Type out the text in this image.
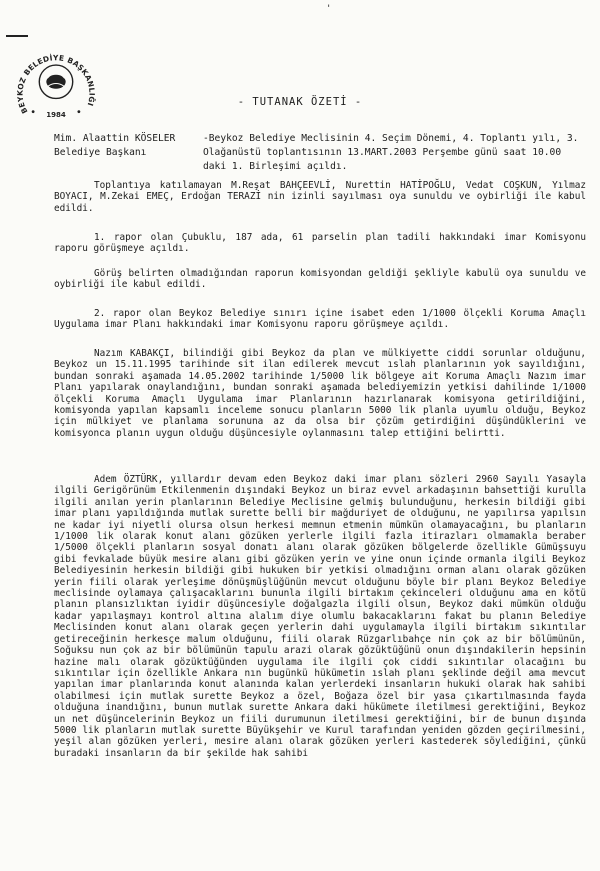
'
BEYKOZ BELEDİYE BAŞKANLIĞI
1984
- TUTANAK ÖZETİ -
Mim. Alaattin KÖSELER
Belediye Başkanı
-Beykoz Belediye Meclisinin 4. Seçim Dönemi, 4. Toplantı yılı, 3. Olağanüstü toplantısının 13.MART.2003 Perşembe günü saat 10.00 daki 1. Birleşimi açıldı.

Toplantıya katılamayan M.Reşat BAHÇEEVLİ, Nurettin HATİPOĞLU, Vedat COŞKUN, Yılmaz BOYACI, M.Zekai EMEÇ, Erdoğan TERAZİ nin izinli sayılması oya sunuldu ve oybirliği ile kabul edildi.

1. rapor olan Çubuklu, 187 ada, 61 parselin plan tadili hakkındaki imar Komisyonu raporu görüşmeye açıldı.

Görüş belirten olmadığından raporun komisyondan geldiği şekliyle kabulü oya sunuldu ve oybirliği ile kabul edildi.

2. rapor olan Beykoz Belediye sınırı içine isabet eden 1/1000 ölçekli Koruma Amaçlı Uygulama imar Planı hakkındaki imar Komisyonu raporu görüşmeye açıldı.

Nazım KABAKÇI, bilindiği gibi Beykoz da plan ve mülkiyette ciddi sorunlar olduğunu, Beykoz un 15.11.1995 tarihinde sit ilan edilerek mevcut ıslah planlarının yok sayıldığını, bundan sonraki aşamada 14.05.2002 tarihinde 1/5000 lik bölgeye ait Koruma Amaçlı Nazım imar Planı yapılarak onaylandığını, bundan sonraki aşamada belediyemizin yetkisi dahilinde 1/1000 ölçekli Koruma Amaçlı Uygulama imar Planlarının hazırlanarak komisyona getirildiğini, komisyonda yapılan kapsamlı inceleme sonucu planların 5000 lik planla uyumlu olduğu, Beykoz için mülkiyet ve planlama sorununa az da olsa bir çözüm getirdiğini düşündüklerini ve komisyonca planın uygun olduğu düşüncesiyle oylanmasını talep ettiğini belirtti.

Adem ÖZTÜRK, yıllardır devam eden Beykoz daki imar planı sözleri 2960 Sayılı Yasayla ilgili Gerigörünüm Etkilenmenin dışındaki Beykoz un biraz evvel arkadaşının bahsettiği kurulla ilgili anılan yerin planlarının Belediye Meclisine gelmiş bulunduğunu, herkesin bildiği gibi imar planı yapıldığında mutlak surette belli bir mağduriyet de olduğunu, ne yapılırsa yapılsın ne kadar iyi niyetli olursa olsun herkesi memnun etmenin mümkün olamayacağını, bu planların 1/1000 lik olarak konut alanı gözüken yerlerle ilgili fazla itirazları olmamakla beraber 1/5000 ölçekli planların sosyal donatı alanı olarak gözüken bölgelerde özellikle Gümüşsuyu gibi fevkalade büyük mesire alanı gibi gözüken yerin ve yine onun içinde ormanla ilgili Beykoz Belediyesinin herkesin bildiği gibi hukuken bir yetkisi olmadığını orman alanı olarak gözüken yerin fiili olarak yerleşime dönüşmüşlüğünün mevcut olduğunu böyle bir planı Beykoz Belediye meclisinde oylamaya çalışacaklarını bununla ilgili birtakım çekinceleri olduğunu ama en kötü planın plansızlıktan iyidir düşüncesiyle doğalgazla ilgili olsun, Beykoz daki mümkün olduğu kadar yapılaşmayı kontrol altına alalım diye olumlu bakacaklarını fakat bu planın Belediye Meclisinden konut alanı olarak geçen yerlerin dahi uygulamayla ilgili birtakım sıkıntılar getireceğinin herkesçe malum olduğunu, fiili olarak Rüzgarlıbahçe nin çok az bir bölümünün, Soğuksu nun çok az bir bölümünün tapulu arazi olarak gözüktüğünü onun dışındakilerin hepsinin hazine malı olarak gözüktüğünden uygulama ile ilgili çok ciddi sıkıntılar olacağını bu sıkıntılar için özellikle Ankara nın bugünkü hükümetin ıslah planı şeklinde değil ama mevcut yapılan imar planlarında konut alanında kalan yerlerdeki insanların hukuki olarak hak sahibi olabilmesi için mutlak surette Beykoz a özel, Boğaza özel bir yasa çıkartılmasında fayda olduğuna inandığını, bunun mutlak surette Ankara daki hükümete iletilmesi gerektiğini, Beykoz un net düşüncelerinin Beykoz un fiili durumunun iletilmesi gerektiğini, bir de bunun dışında 5000 lik planların mutlak surette Büyükşehir ve Kurul tarafından yeniden gözden geçirilmesini, yeşil alan gözüken yerleri, mesire alanı olarak gözüken yerleri kastederek söylediğini, çünkü buradaki insanların da bir şekilde hak sahibi
